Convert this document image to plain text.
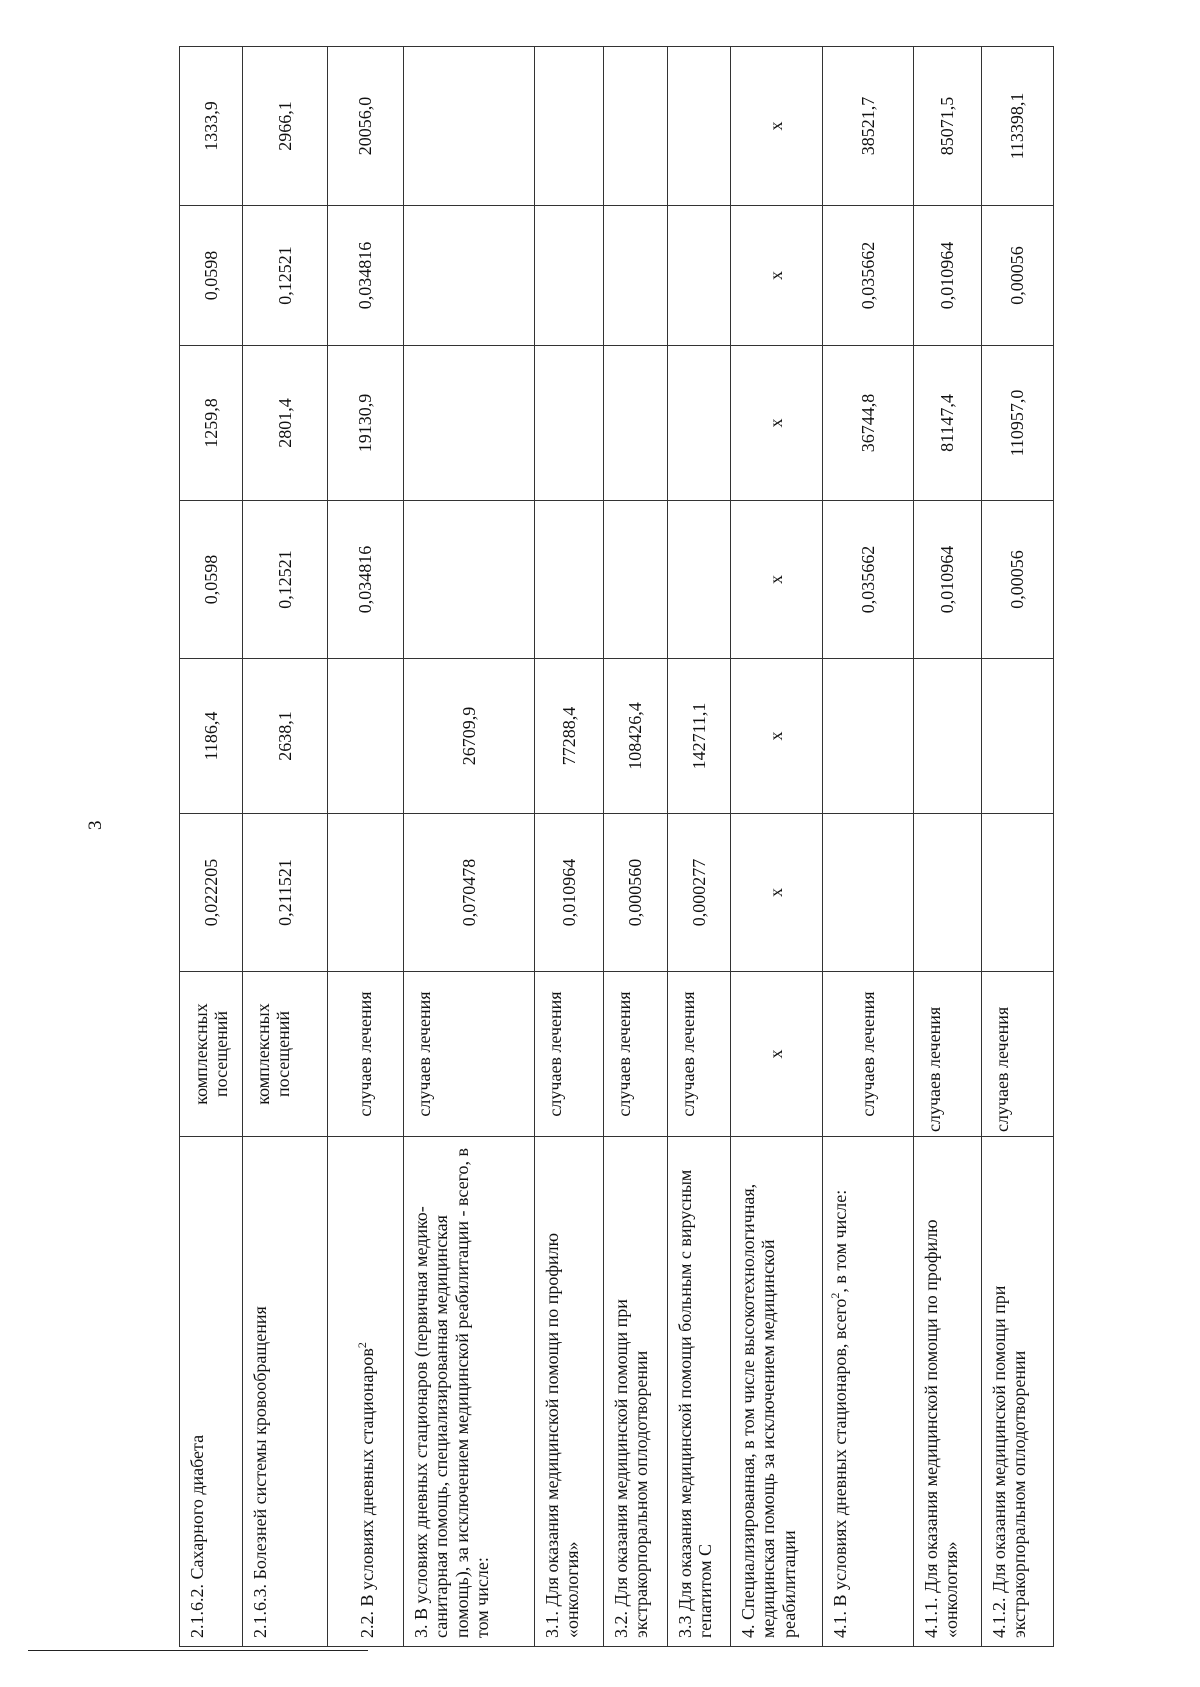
3
2.1.6.2. Сахарного диабета	комплексных посещений	0,022205	1186,4	0,0598	1259,8	0,0598	1333,9
2.1.6.3. Болезней системы кровообращения	комплексных посещений	0,211521	2638,1	0,12521	2801,4	0,12521	2966,1
2.2. В условиях дневных стационаров$^2$	случаев лечения			0,034816	19130,9	0,034816	20056,0
3. В условиях дневных стационаров (первичная медико-санитарная помощь, специализированная медицинская помощь), за исключением медицинской реабилитации - всего, в том числе:	случаев лечения	0,070478	26709,9				
3.1. Для оказания медицинской помощи по профилю «онкология»	случаев лечения	0,010964	77288,4				
3.2. Для оказания медицинской помощи при экстракорпоральном оплодотворении	случаев лечения	0,000560	108426,4				
3.3 Для оказания медицинской помощи больным с вирусным гепатитом С	случаев лечения	0,000277	142711,1				
4. Специализированная, в том числе высокотехнологичная, медицинская помощь за исключением медицинской реабилитации	х	х	х	х	х	х	х
4.1. В условиях дневных стационаров, всего$^2$, в том числе:	случаев лечения			0,035662	36744,8	0,035662	38521,7
4.1.1. Для оказания медицинской помощи по профилю «онкология»	случаев лечения			0,010964	81147,4	0,010964	85071,5
4.1.2. Для оказания медицинской помощи при экстракорпоральном оплодотворении	случаев лечения			0,00056	110957,0	0,00056	113398,1
